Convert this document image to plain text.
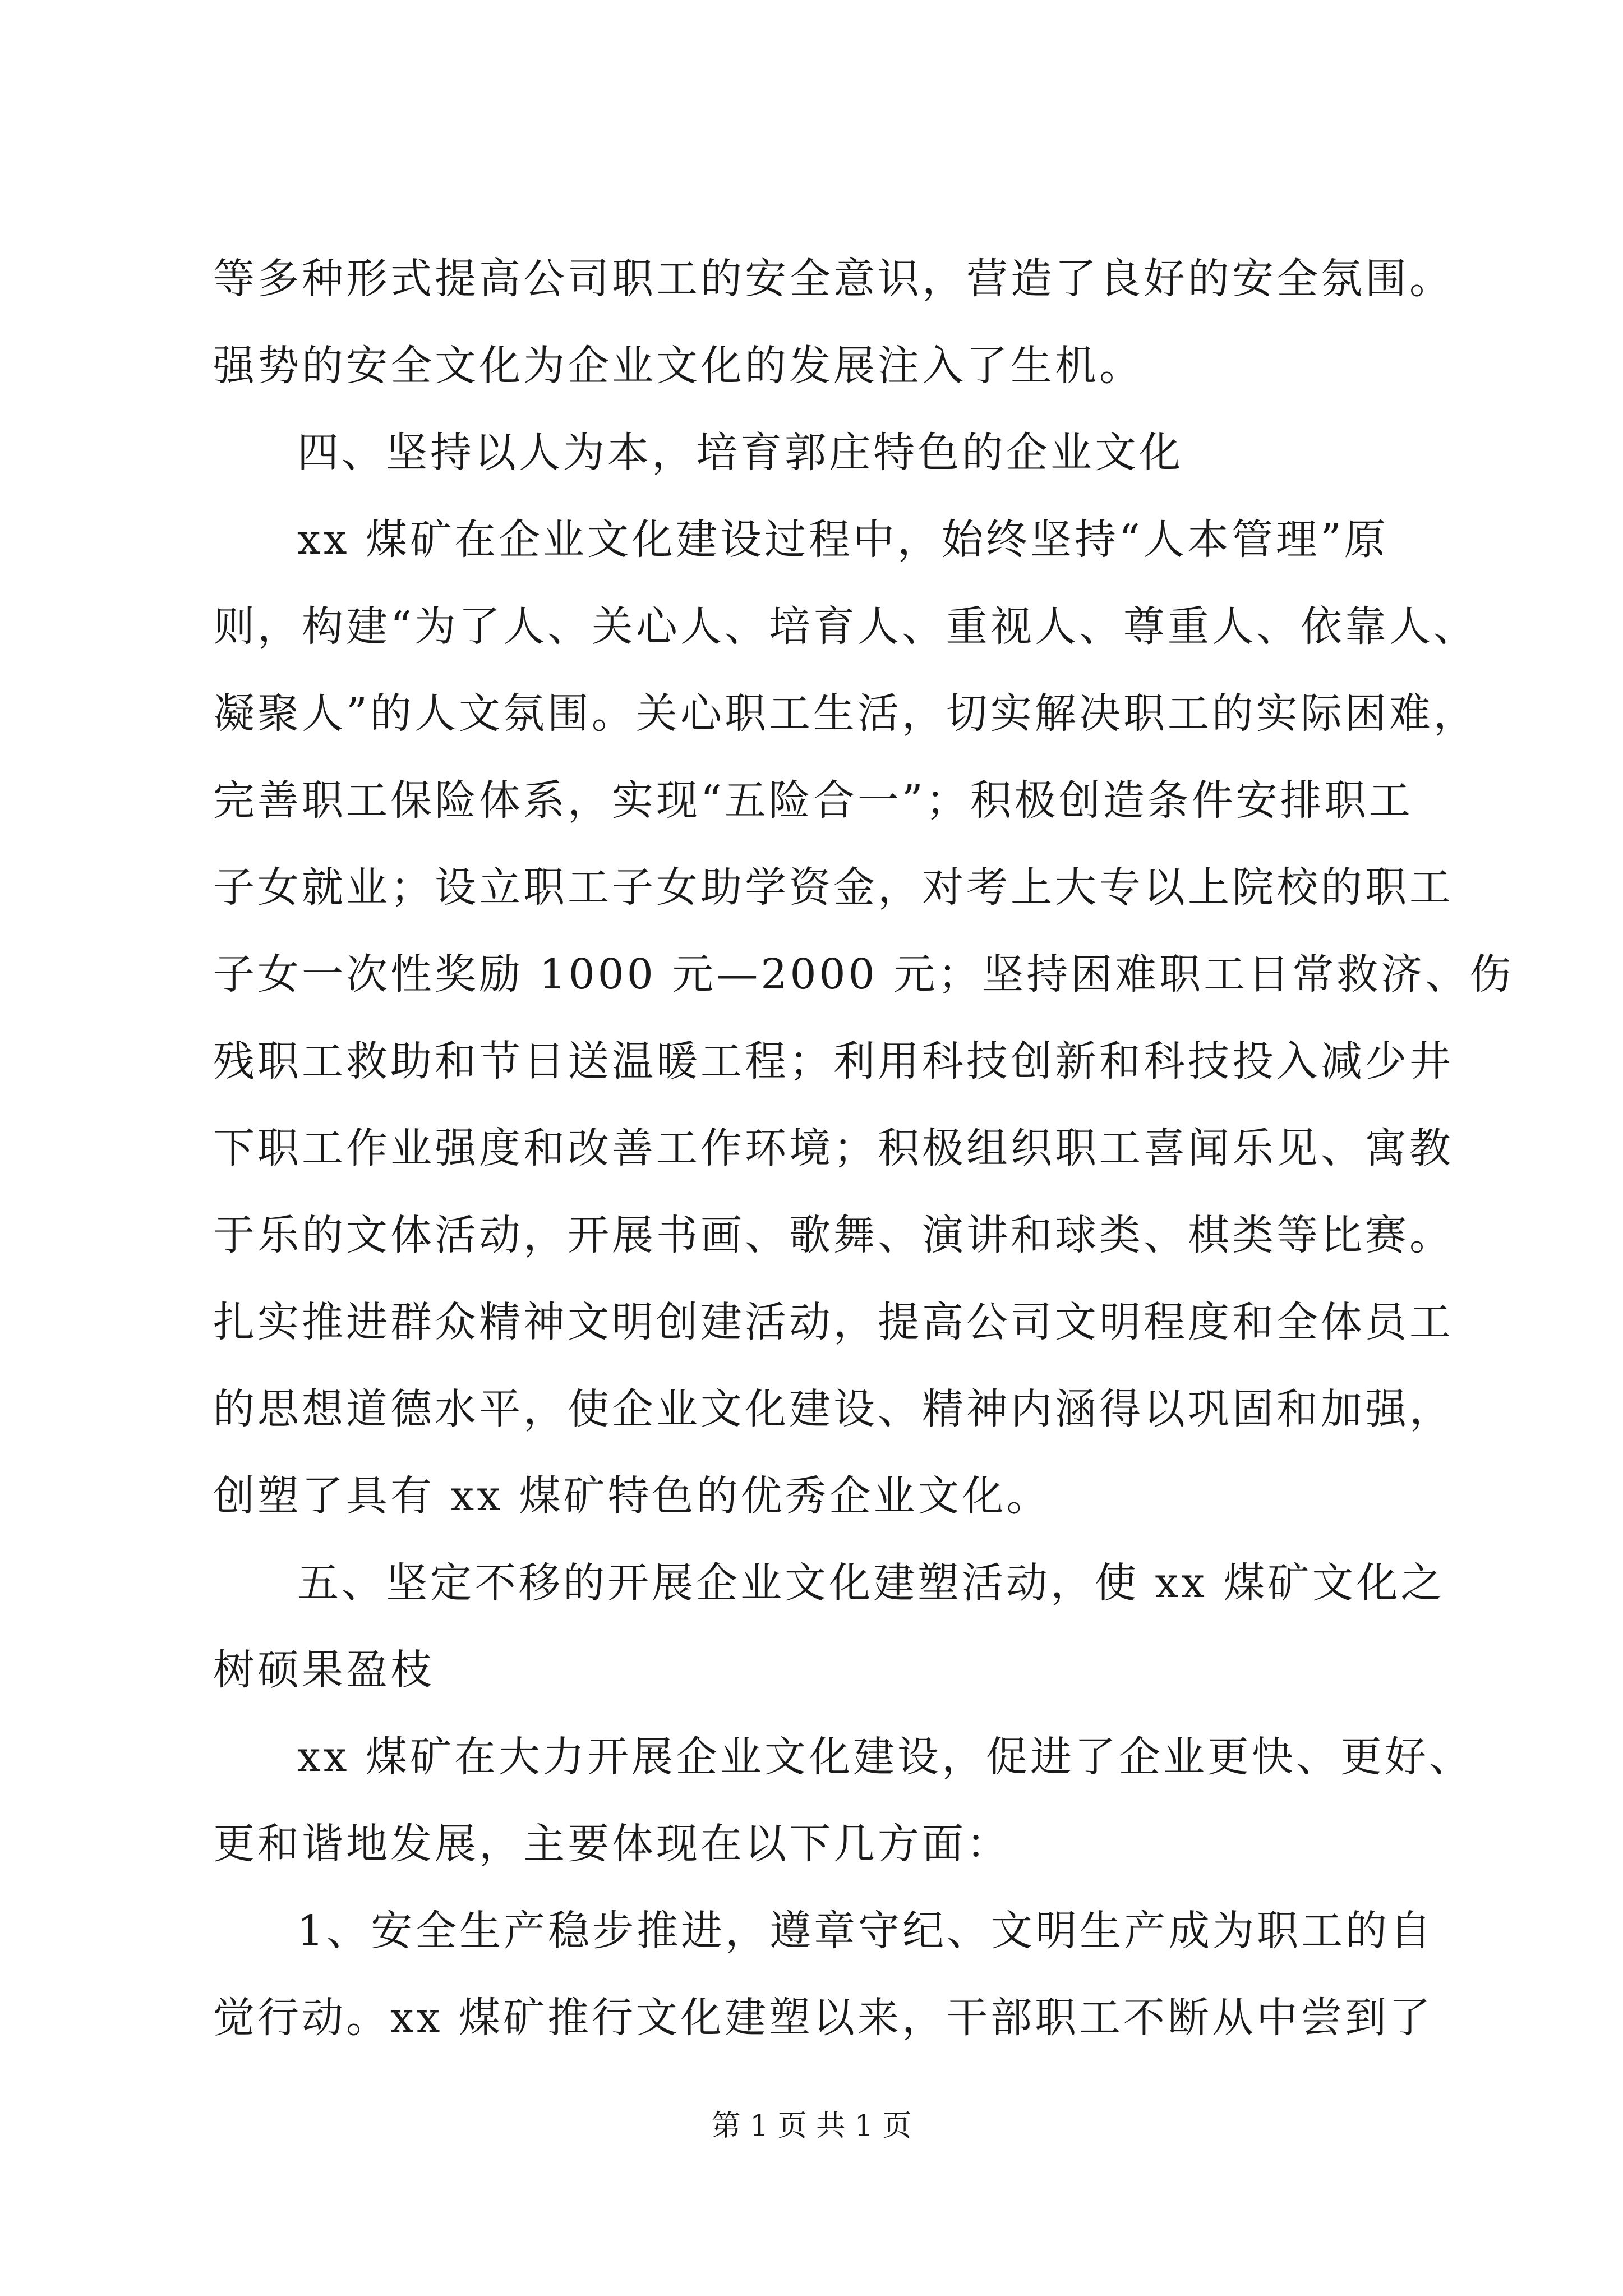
等多种形式提高公司职工的安全意识，营造了良好的安全氛围。
强势的安全文化为企业文化的发展注入了生机。
四、坚持以人为本，培育郭庄特色的企业文化
xx 煤矿在企业文化建设过程中，始终坚持“人本管理”原
则，构建“为了人、关心人、培育人、重视人、尊重人、依靠人、
凝聚人”的人文氛围。关心职工生活，切实解决职工的实际困难，
完善职工保险体系，实现“五险合一”；积极创造条件安排职工
子女就业；设立职工子女助学资金，对考上大专以上院校的职工
子女一次性奖励 1000 元—2000 元；坚持困难职工日常救济、伤
残职工救助和节日送温暖工程；利用科技创新和科技投入减少井
下职工作业强度和改善工作环境；积极组织职工喜闻乐见、寓教
于乐的文体活动，开展书画、歌舞、演讲和球类、棋类等比赛。
扎实推进群众精神文明创建活动，提高公司文明程度和全体员工
的思想道德水平，使企业文化建设、精神内涵得以巩固和加强，
创塑了具有 xx 煤矿特色的优秀企业文化。
五、坚定不移的开展企业文化建塑活动，使 xx 煤矿文化之
树硕果盈枝
xx 煤矿在大力开展企业文化建设，促进了企业更快、更好、
更和谐地发展，主要体现在以下几方面：
1、安全生产稳步推进，遵章守纪、文明生产成为职工的自
觉行动。xx 煤矿推行文化建塑以来，干部职工不断从中尝到了
第 1 页 共 1 页
